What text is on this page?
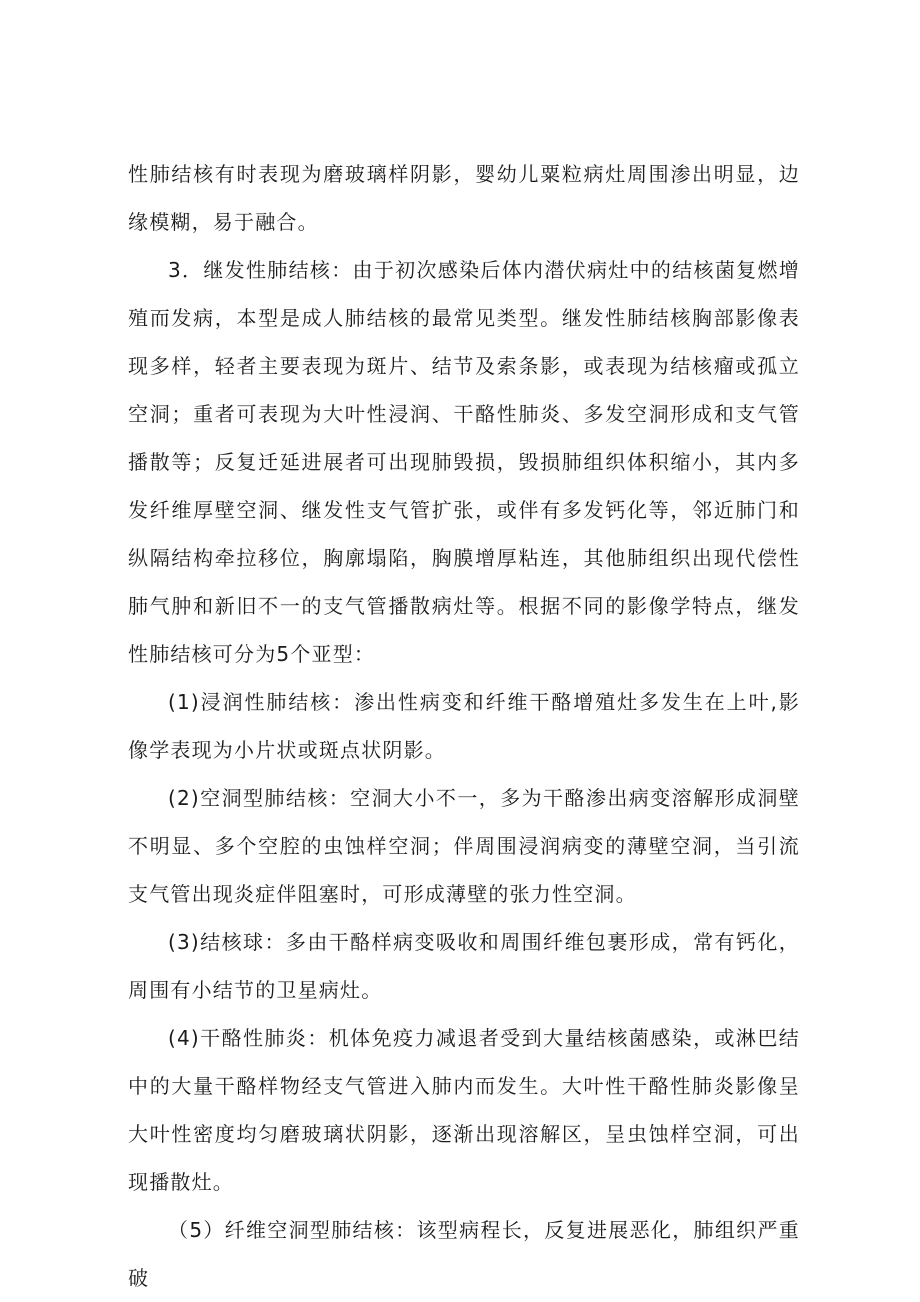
性肺结核有时表现为磨玻璃样阴影，婴幼儿粟粒病灶周围渗出明显，边缘模糊，易于融合。

3．继发性肺结核：由于初次感染后体内潜伏病灶中的结核菌复燃增殖而发病，本型是成人肺结核的最常见类型。继发性肺结核胸部影像表现多样，轻者主要表现为斑片、结节及索条影，或表现为结核瘤或孤立空洞；重者可表现为大叶性浸润、干酪性肺炎、多发空洞形成和支气管播散等；反复迁延进展者可出现肺毁损，毁损肺组织体积缩小，其内多发纤维厚壁空洞、继发性支气管扩张，或伴有多发钙化等，邻近肺门和纵隔结构牵拉移位，胸廓塌陷，胸膜增厚粘连，其他肺组织出现代偿性肺气肿和新旧不一的支气管播散病灶等。根据不同的影像学特点，继发性肺结核可分为5个亚型：

(1)浸润性肺结核：渗出性病变和纤维干酪增殖灶多发生在上叶,影像学表现为小片状或斑点状阴影。

(2)空洞型肺结核：空洞大小不一，多为干酪渗出病变溶解形成洞壁不明显、多个空腔的虫蚀样空洞；伴周围浸润病变的薄壁空洞，当引流支气管出现炎症伴阻塞时，可形成薄壁的张力性空洞。

(3)结核球：多由干酪样病变吸收和周围纤维包裹形成，常有钙化，周围有小结节的卫星病灶。

(4)干酪性肺炎：机体免疫力减退者受到大量结核菌感染，或淋巴结中的大量干酪样物经支气管进入肺内而发生。大叶性干酪性肺炎影像呈大叶性密度均匀磨玻璃状阴影，逐渐出现溶解区，呈虫蚀样空洞，可出现播散灶。

（5）纤维空洞型肺结核：该型病程长，反复进展恶化，肺组织严重破
